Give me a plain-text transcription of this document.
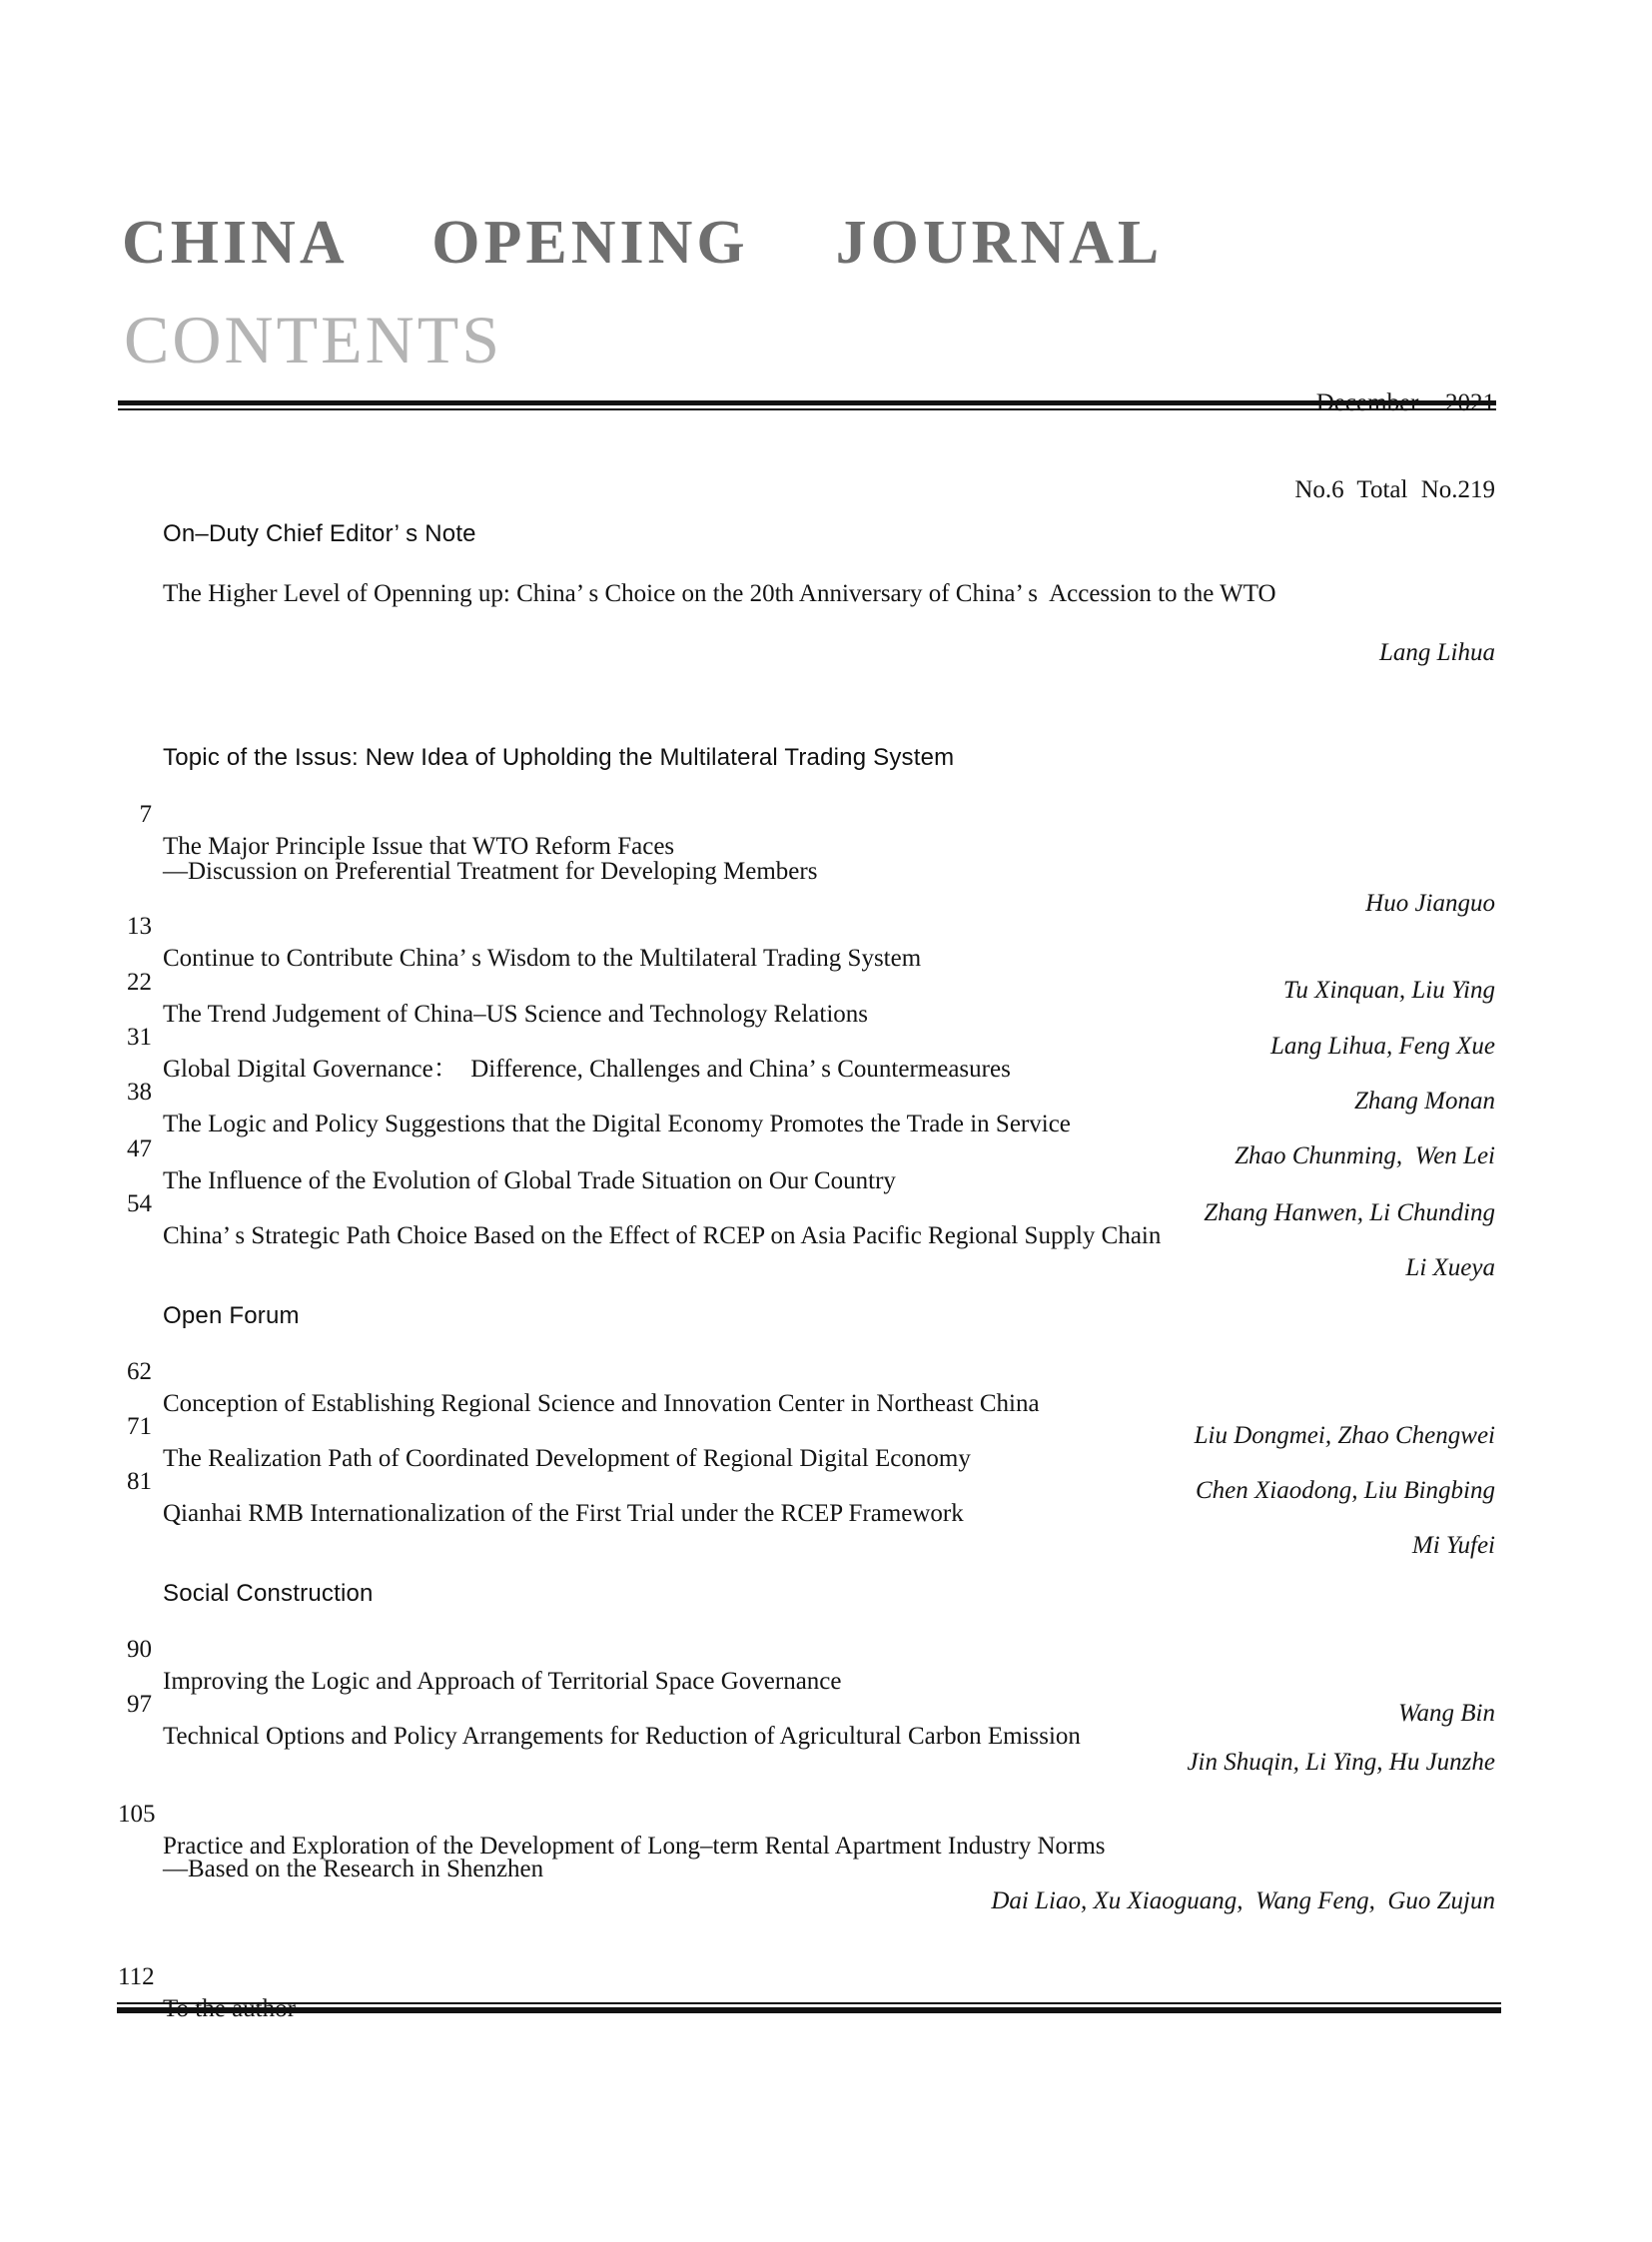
CHINA  OPENING  JOURNAL
CONTENTS

December  2021

No.6 Total No.219

On–Duty Chief Editor’ s Note

The Higher Level of Openning up: China’ s Choice on the 20th Anniversary of China’ s  Accession to the WTO

Lang Lihua

Topic of the Issus: New Idea of Upholding the Multilateral Trading System

7

The Major Principle Issue that WTO Reform Faces

—Discussion on Preferential Treatment for Developing Members

Huo Jianguo

13

Continue to Contribute China’ s Wisdom to the Multilateral Trading System

Tu Xinquan, Liu Ying

22

The Trend Judgement of China–US Science and Technology Relations

Lang Lihua, Feng Xue

31

Global Digital Governance：  Difference, Challenges and China’ s Countermeasures

Zhang Monan

38

The Logic and Policy Suggestions that the Digital Economy Promotes the Trade in Service

Zhao Chunming,  Wen Lei

47

The Influence of the Evolution of Global Trade Situation on Our Country

Zhang Hanwen, Li Chunding

54

China’ s Strategic Path Choice Based on the Effect of RCEP on Asia Pacific Regional Supply Chain

Li Xueya

Open Forum

62

Conception of Establishing Regional Science and Innovation Center in Northeast China

Liu Dongmei, Zhao Chengwei

71

The Realization Path of Coordinated Development of Regional Digital Economy

Chen Xiaodong, Liu Bingbing

81

Qianhai RMB Internationalization of the First Trial under the RCEP Framework

Mi Yufei

Social Construction

90

Improving the Logic and Approach of Territorial Space Governance

Wang Bin

97

Technical Options and Policy Arrangements for Reduction of Agricultural Carbon Emission

Jin Shuqin, Li Ying, Hu Junzhe

105

Practice and Exploration of the Development of Long–term Rental Apartment Industry Norms

—Based on the Research in Shenzhen

Dai Liao, Xu Xiaoguang,  Wang Feng,  Guo Zujun

112

To the author
